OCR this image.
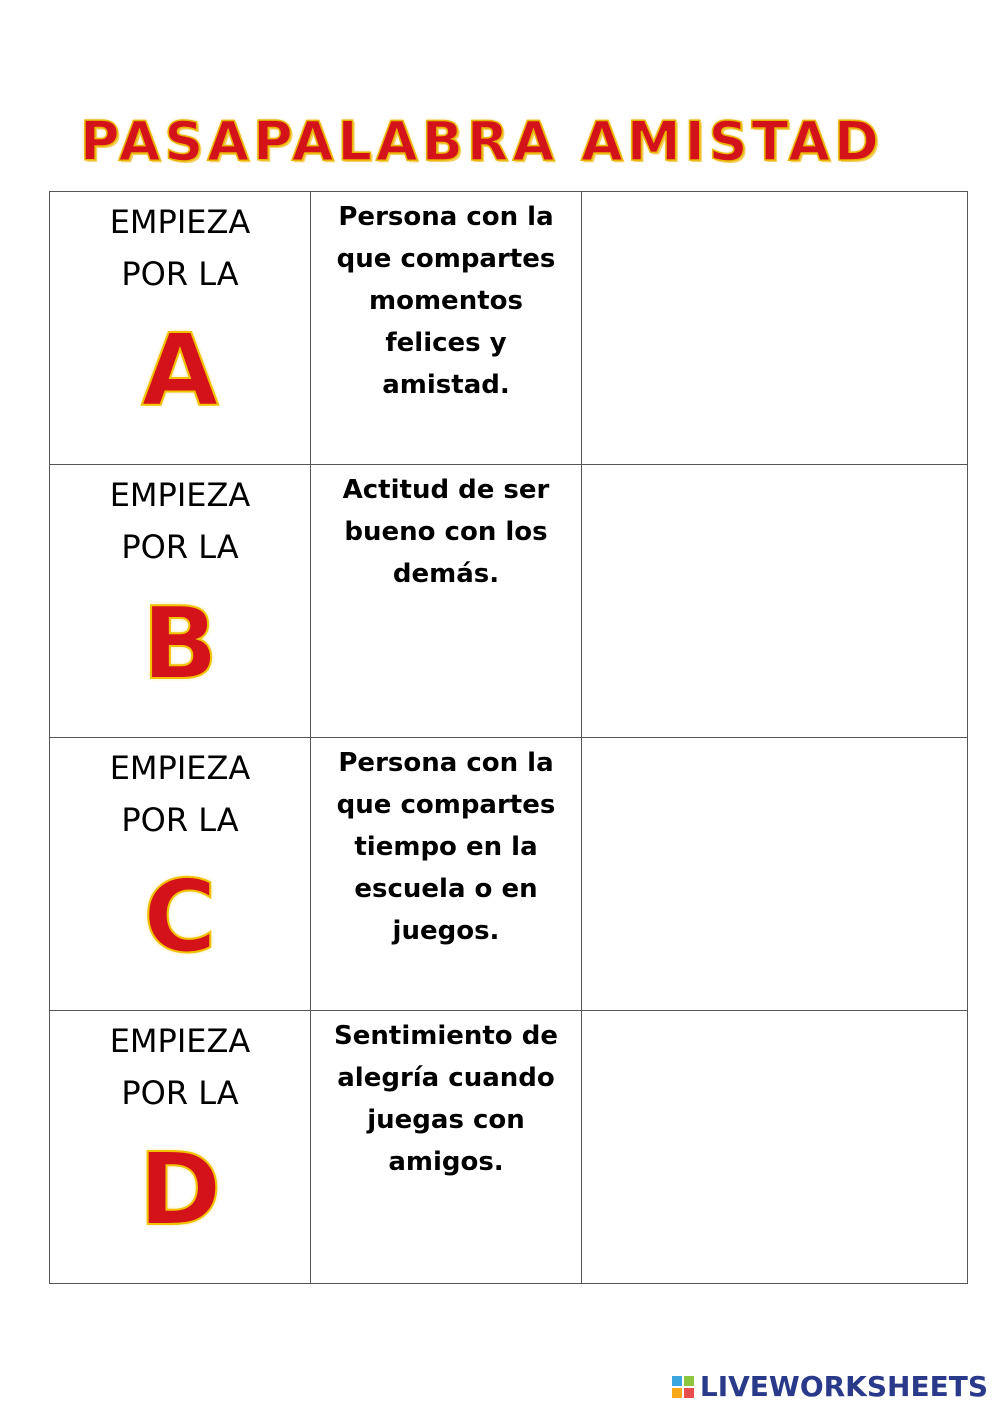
PASAPALABRA AMISTAD
EMPIEZA
POR LA
A	Persona con la que compartes momentos felices y amistad.	

EMPIEZA
POR LA
B	Actitud de ser bueno con los demás.	

EMPIEZA
POR LA
C	Persona con la que compartes tiempo en la escuela o en juegos.	

EMPIEZA
POR LA
D	Sentimiento de alegría cuando juegas con amigos.	

LIVEWORKSHEETS
